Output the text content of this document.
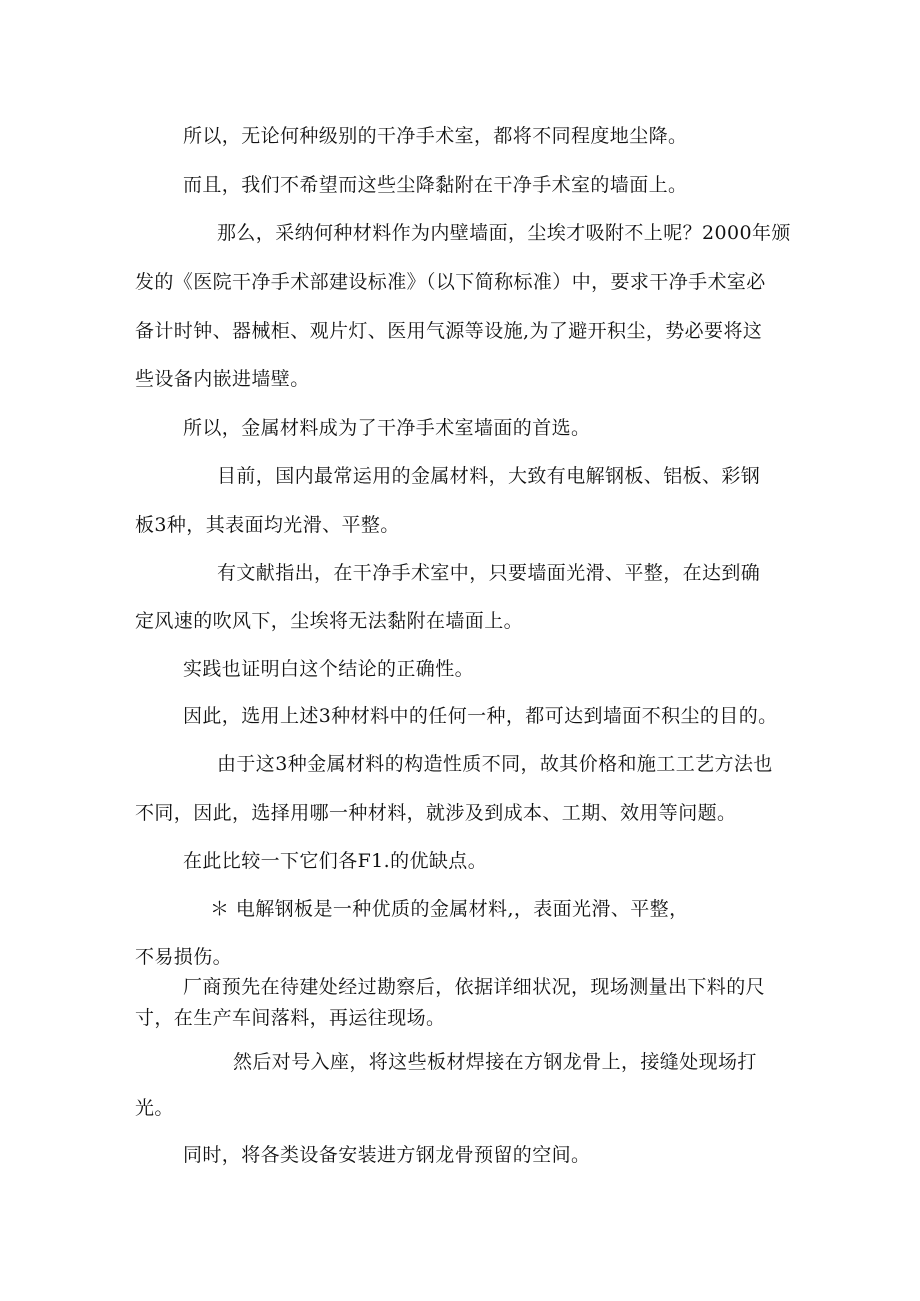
所以，无论何种级别的干净手术室，都将不同程度地尘降。
而且，我们不希望而这些尘降黏附在干净手术室的墙面上。
那么，采纳何种材料作为内壁墙面，尘埃才吸附不上呢？2000年颁
发的《医院干净手术部建设标准》（以下简称标准）中，要求干净手术室必
备计时钟、器械柜、观片灯、医用气源等设施,为了避开积尘，势必要将这
些设备内嵌进墙壁。
所以，金属材料成为了干净手术室墙面的首选。
目前，国内最常运用的金属材料，大致有电解钢板、铝板、彩钢
板3种，其表面均光滑、平整。
有文献指出，在干净手术室中，只要墙面光滑、平整，在达到确
定风速的吹风下，尘埃将无法黏附在墙面上。
实践也证明白这个结论的正确性。
因此，选用上述3种材料中的任何一种，都可达到墙面不积尘的目的。
由于这3种金属材料的构造性质不同，故其价格和施工工艺方法也
不同，因此，选择用哪一种材料，就涉及到成本、工期、效用等问题。
在此比较一下它们各F1.的优缺点。
＊ 电解钢板是一种优质的金属材料,，表面光滑、平整，
不易损伤。
厂商预先在待建处经过勘察后，依据详细状况，现场测量出下料的尺
寸，在生产车间落料，再运往现场。
然后对号入座，将这些板材焊接在方钢龙骨上，接缝处现场打
光。
同时，将各类设备安装进方钢龙骨预留的空间。
